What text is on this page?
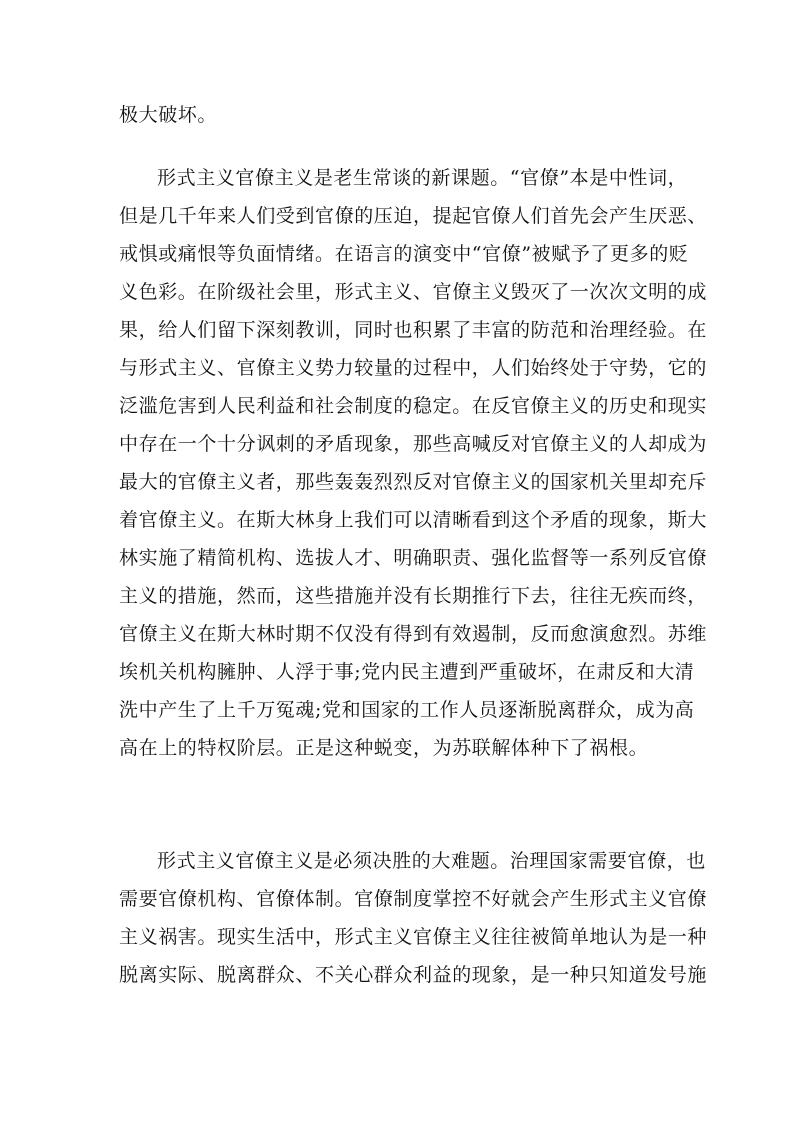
极大破坏。
形式主义官僚主义是老生常谈的新课题。“官僚”本是中性词，
但是几千年来人们受到官僚的压迫，提起官僚人们首先会产生厌恶、
戒惧或痛恨等负面情绪。在语言的演变中“官僚”被赋予了更多的贬
义色彩。在阶级社会里，形式主义、官僚主义毁灭了一次次文明的成
果，给人们留下深刻教训，同时也积累了丰富的防范和治理经验。在
与形式主义、官僚主义势力较量的过程中，人们始终处于守势，它的
泛滥危害到人民利益和社会制度的稳定。在反官僚主义的历史和现实
中存在一个十分讽刺的矛盾现象，那些高喊反对官僚主义的人却成为
最大的官僚主义者，那些轰轰烈烈反对官僚主义的国家机关里却充斥
着官僚主义。在斯大林身上我们可以清晰看到这个矛盾的现象，斯大
林实施了精简机构、选拔人才、明确职责、强化监督等一系列反官僚
主义的措施，然而，这些措施并没有长期推行下去，往往无疾而终，
官僚主义在斯大林时期不仅没有得到有效遏制，反而愈演愈烈。苏维
埃机关机构臃肿、人浮于事;党内民主遭到严重破坏，在肃反和大清
洗中产生了上千万冤魂;党和国家的工作人员逐渐脱离群众，成为高
高在上的特权阶层。正是这种蜕变，为苏联解体种下了祸根。
形式主义官僚主义是必须决胜的大难题。治理国家需要官僚，也
需要官僚机构、官僚体制。官僚制度掌控不好就会产生形式主义官僚
主义祸害。现实生活中，形式主义官僚主义往往被简单地认为是一种
脱离实际、脱离群众、不关心群众利益的现象，是一种只知道发号施
